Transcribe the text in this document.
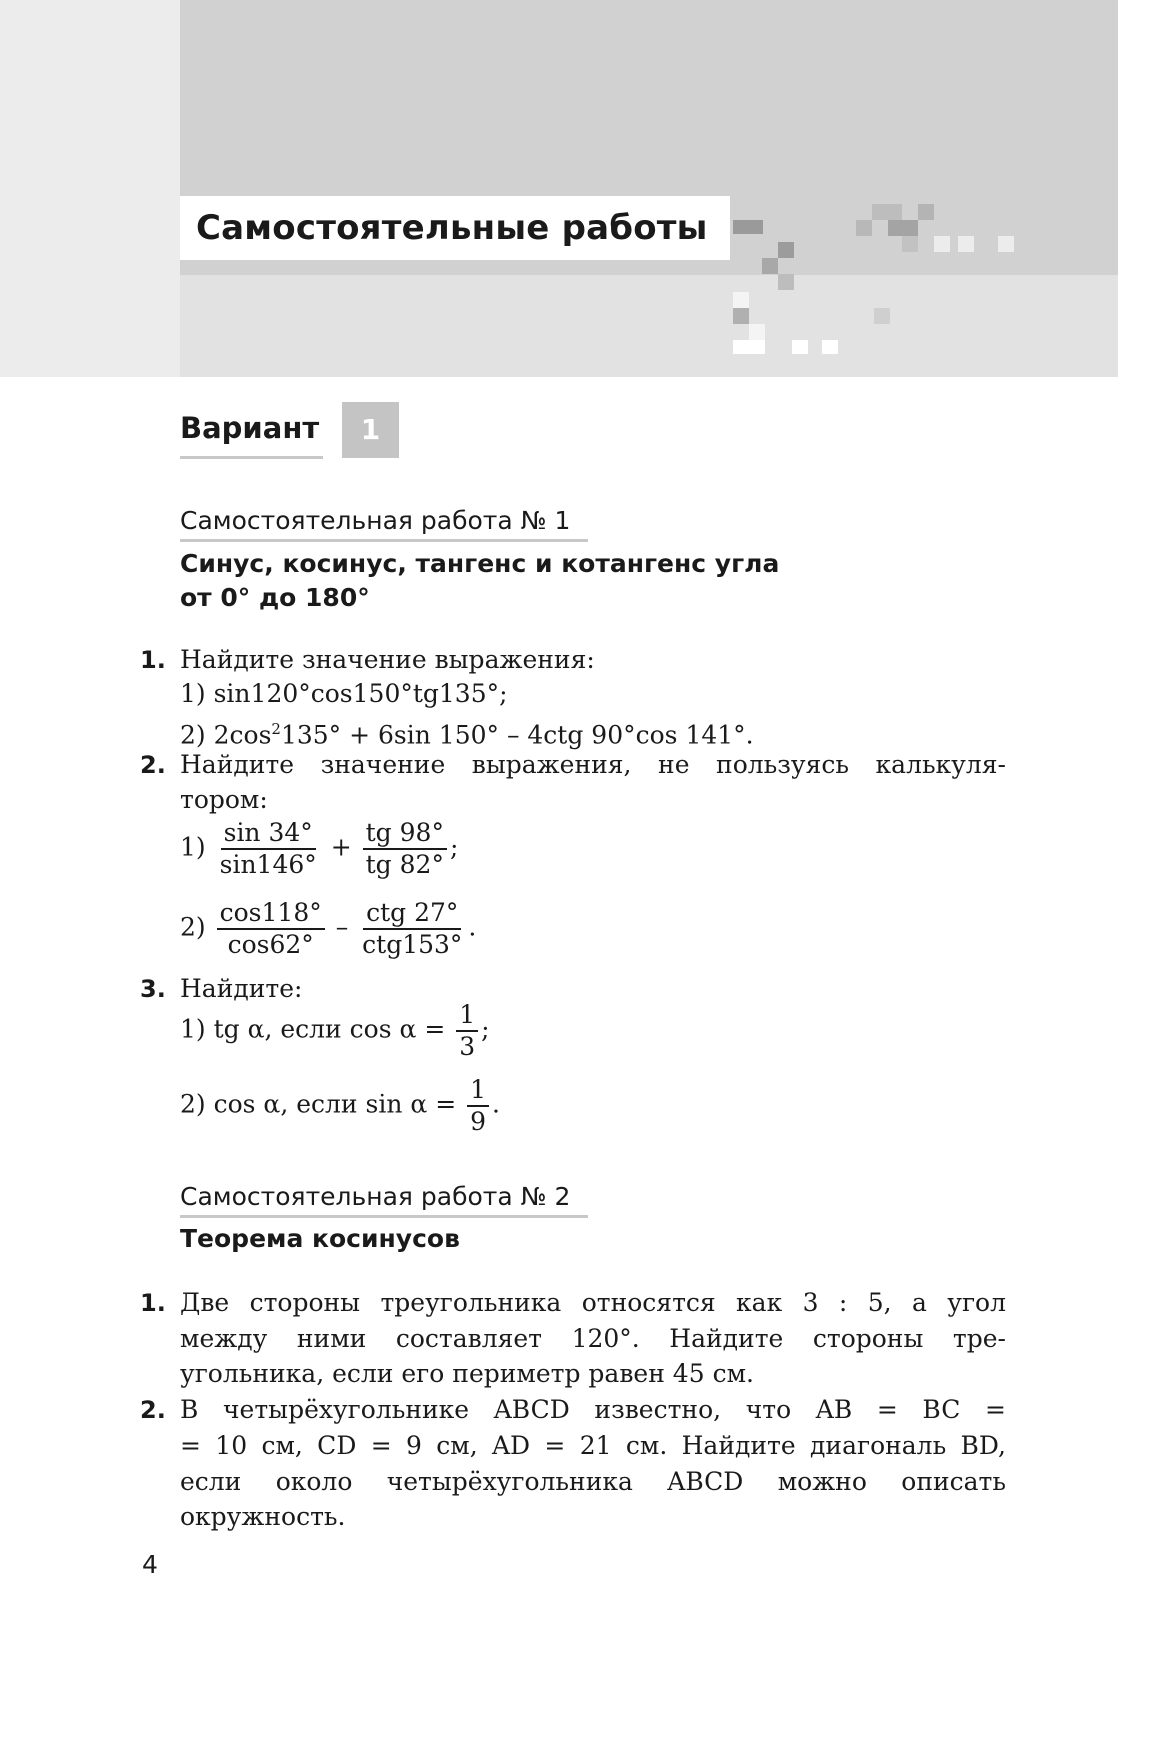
Самостоятельные работы
Вариант	1
Самостоятельная работа № 1
Синус, косинус, тангенс и котангенс угла
от 0° до 180°
1. Найдите значение выражения:
1) sin120°cos150°tg135°;
2) $2\cos^2135^\circ + 6\sin$ 150° – 4ctg 90°cos 141°.
2. Найдите значение выражения, не пользуясь калькуля-
тором:
$1) \frac{\sin 34^\circ}{\sin 146^\circ} + \frac{tg 98^\circ}{tg 82^\circ}$ ;
$2) \frac{\cos 118^\circ}{\cos 62^\circ} - \frac{\text{ctg 27°}}{\text{ctg153°}}$ .
3. Найдите:
1) tg α, если $\cos \alpha = \frac{1}{3}$ ;
2) cos α, если $\sin \alpha = \frac{1}{9}$ .
Самостоятельная работа № 2
Теорема косинусов
1. Две стороны треугольника относятся как 3 : 5, а угол
между ними составляет 120°. Найдите стороны тре-
угольника, если его периметр равен 45 см.
2. В четырёхугольнике ABCD известно, что AB = BC =
= 10 см, CD = 9 см, AD = 21 см. Найдите диагональ BD,
если около четырёхугольника ABCD можно описать
окружность.
4
